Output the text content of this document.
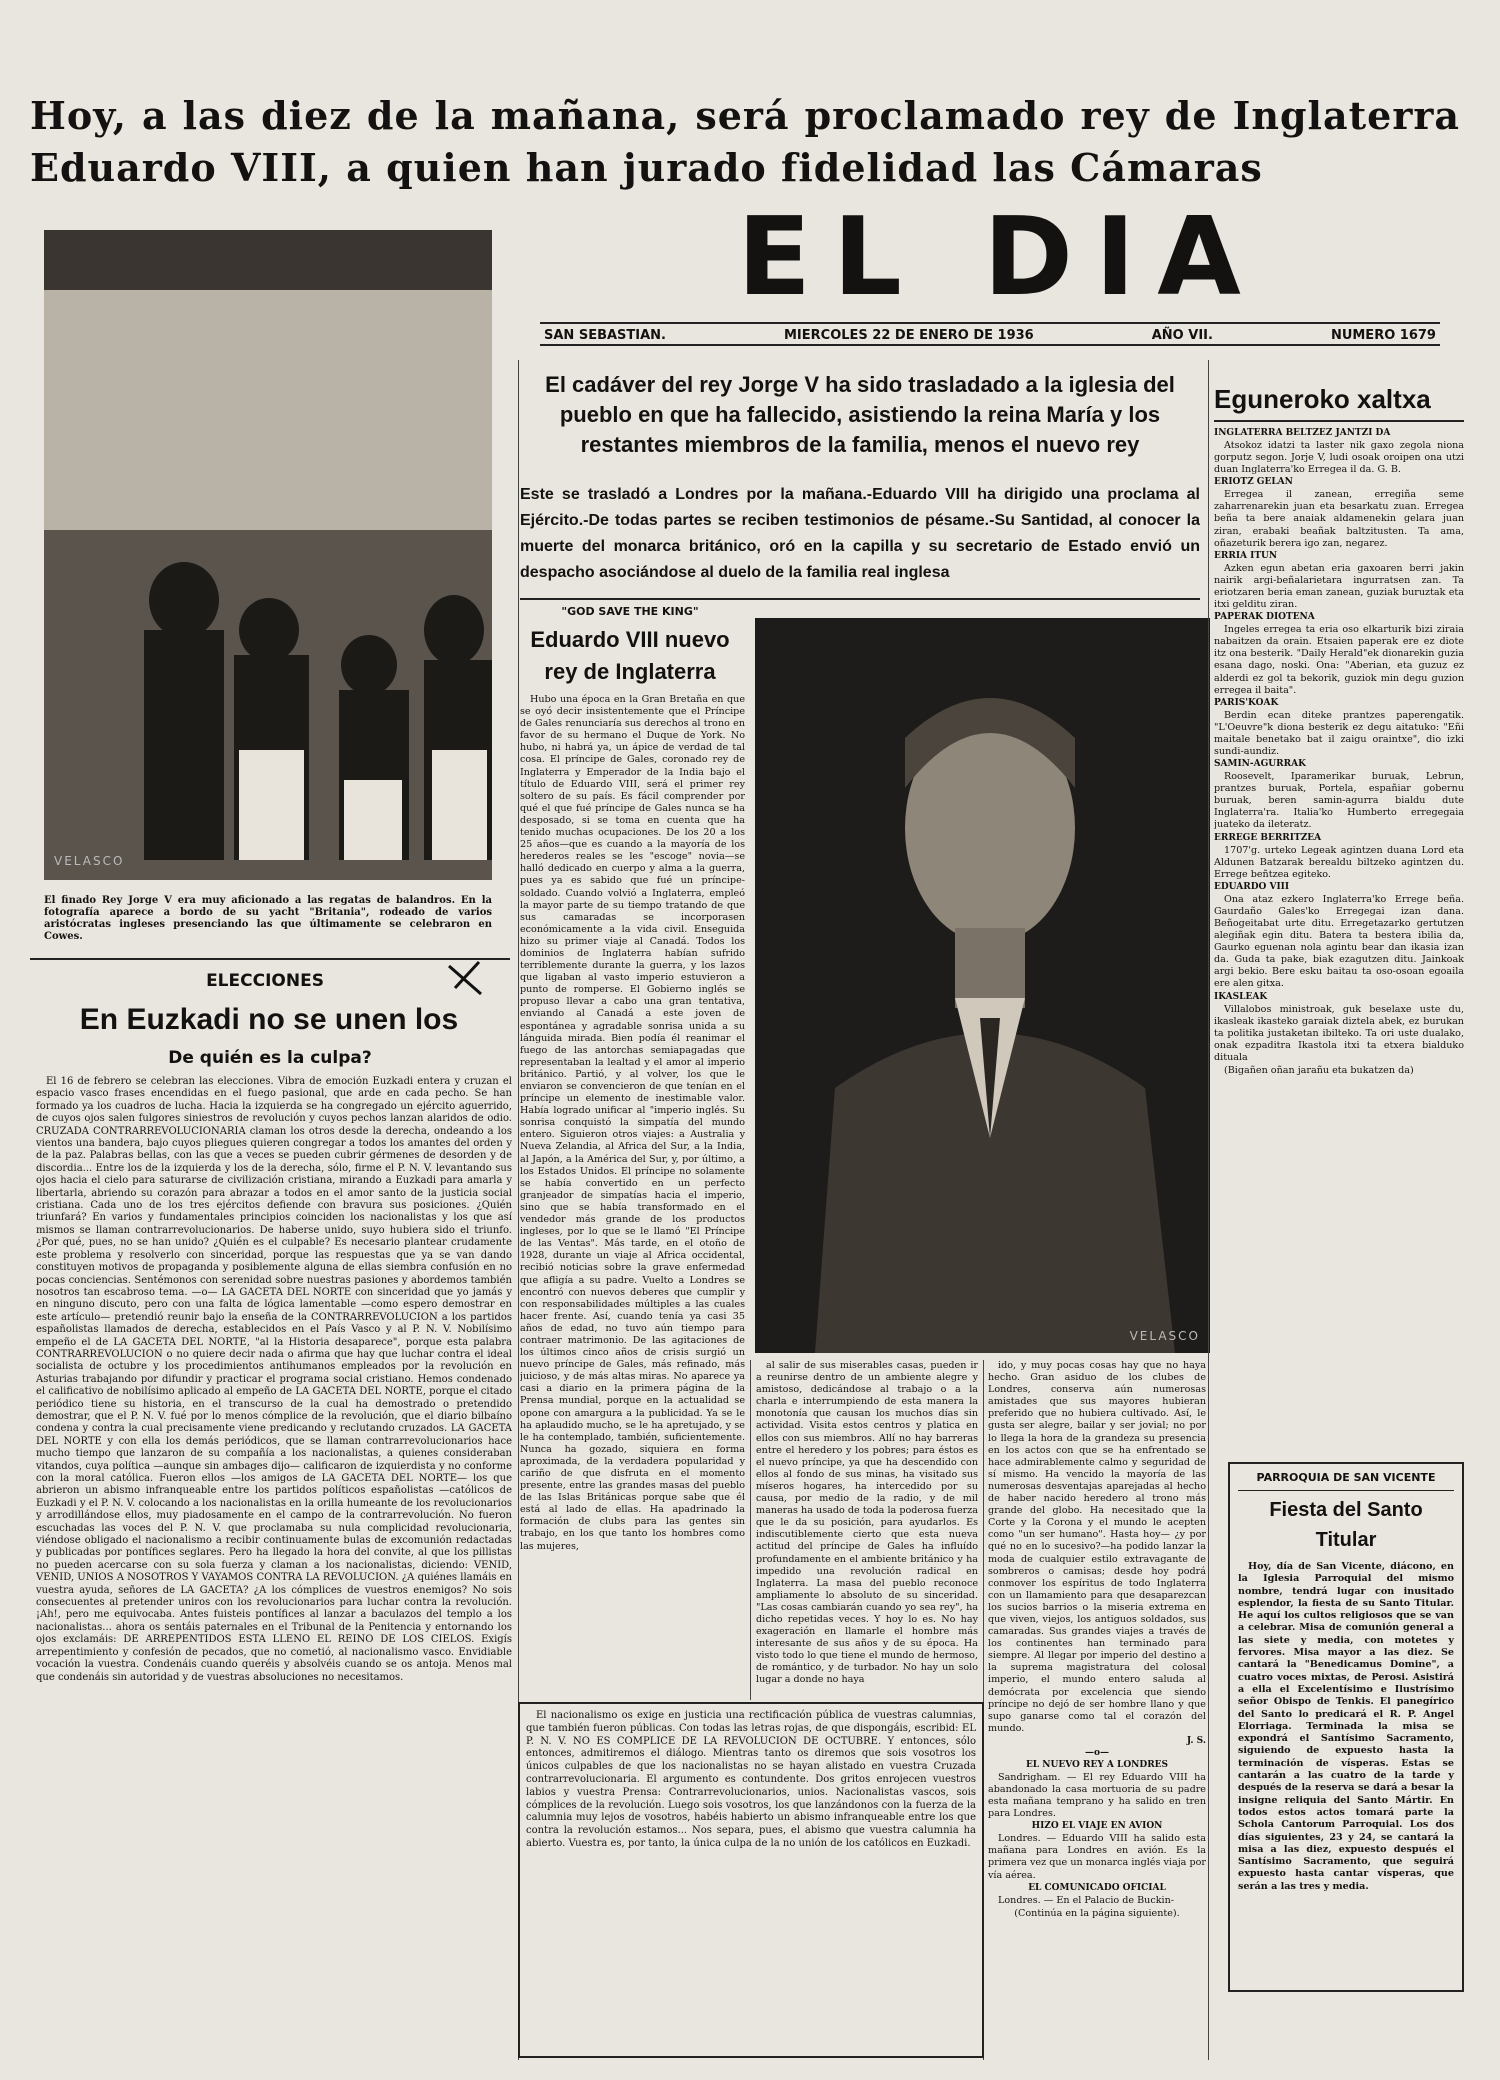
Hoy, a las diez de la mañana, será proclamado rey de Inglaterra Eduardo VIII, a quien han jurado fidelidad las Cámaras

EL DIA
SAN SEBASTIAN.	MIERCOLES 22 DE ENERO DE 1936	AÑO VII.	NUMERO 1679
VELASCO
El finado Rey Jorge V era muy aficionado a las regatas de balandros. En la fotografía aparece a bordo de su yacht "Britania", rodeado de varios aristócratas ingleses presenciando las que últimamente se celebraron en Cowes.
ELECCIONES
En Euzkadi no se unen los
De quién es la culpa?

El 16 de febrero se celebran las elecciones. Vibra de emoción Euzkadi entera y cruzan el espacio vasco frases encendidas en el fuego pasional, que arde en cada pecho. Se han formado ya los cuadros de lucha. Hacia la izquierda se ha congregado un ejército aguerrido, de cuyos ojos salen fulgores siniestros de revolución y cuyos pechos lanzan alaridos de odio. CRUZADA CONTRARREVOLUCIONARIA claman los otros desde la derecha, ondeando a los vientos una bandera, bajo cuyos pliegues quieren congregar a todos los amantes del orden y de la paz. Palabras bellas, con las que a veces se pueden cubrir gérmenes de desorden y de discordia... Entre los de la izquierda y los de la derecha, sólo, firme el P. N. V. levantando sus ojos hacia el cielo para saturarse de civilización cristiana, mirando a Euzkadi para amarla y libertarla, abriendo su corazón para abrazar a todos en el amor santo de la justicia social cristiana. Cada uno de los tres ejércitos defiende con bravura sus posiciones. ¿Quién triunfará? En varios y fundamentales principios coinciden los nacionalistas y los que así mismos se llaman contrarrevolucionarios. De haberse unido, suyo hubiera sido el triunfo. ¿Por qué, pues, no se han unido? ¿Quién es el culpable? Es necesario plantear crudamente este problema y resolverlo con sinceridad, porque las respuestas que ya se van dando constituyen motivos de propaganda y posiblemente alguna de ellas siembra confusión en no pocas conciencias. Sentémonos con serenidad sobre nuestras pasiones y abordemos también nosotros tan escabroso tema. —o— LA GACETA DEL NORTE con sinceridad que yo jamás y en ninguno discuto, pero con una falta de lógica lamentable —como espero demostrar en este artículo— pretendió reunir bajo la enseña de la CONTRARREVOLUCION a los partidos españolistas llamados de derecha, establecidos en el País Vasco y al P. N. V. Nobilísimo empeño el de LA GACETA DEL NORTE, "al la Historia desaparece", porque esta palabra CONTRARREVOLUCION o no quiere decir nada o afirma que hay que luchar contra el ideal socialista de octubre y los procedimientos antihumanos empleados por la revolución en Asturias trabajando por difundir y practicar el programa social cristiano. Hemos condenado el calificativo de nobilísimo aplicado al empeño de LA GACETA DEL NORTE, porque el citado periódico tiene su historia, en el transcurso de la cual ha demostrado o pretendido demostrar, que el P. N. V. fué por lo menos cómplice de la revolución, que el diario bilbaíno condena y contra la cual precisamente viene predicando y reclutando cruzados. LA GACETA DEL NORTE y con ella los demás periódicos, que se llaman contrarrevolucionarios hace mucho tiempo que lanzaron de su compañía a los nacionalistas, a quienes consideraban vitandos, cuya política —aunque sin ambages dijo— calificaron de izquierdista y no conforme con la moral católica. Fueron ellos —los amigos de LA GACETA DEL NORTE— los que abrieron un abismo infranqueable entre los partidos políticos españolistas —católicos de Euzkadi y el P. N. V. colocando a los nacionalistas en la orilla humeante de los revolucionarios y arrodillándose ellos, muy piadosamente en el campo de la contrarrevolución. No fueron escuchadas las voces del P. N. V. que proclamaba su nula complicidad revolucionaria, viéndose obligado el nacionalismo a recibir continuamente bulas de excomunión redactadas y publicadas por pontífices seglares. Pero ha llegado la hora del convite, al que los pillistas no pueden acercarse con su sola fuerza y claman a los nacionalistas, diciendo: VENID, VENID, UNIOS A NOSOTROS Y VAYAMOS CONTRA LA REVOLUCION. ¿A quiénes llamáis en vuestra ayuda, señores de LA GACETA? ¿A los cómplices de vuestros enemigos? No sois consecuentes al pretender uniros con los revolucionarios para luchar contra la revolución. ¡Ah!, pero me equivocaba. Antes fuisteis pontífices al lanzar a baculazos del templo a los nacionalistas... ahora os sentáis paternales en el Tribunal de la Penitencia y entornando los ojos exclamáis: DE ARREPENTIDOS ESTA LLENO EL REINO DE LOS CIELOS. Exigís arrepentimiento y confesión de pecados, que no cometió, al nacionalismo vasco. Envidiable vocación la vuestra. Condenáis cuando queréis y absolvéis cuando se os antoja. Menos mal que condenáis sin autoridad y de vuestras absoluciones no necesitamos.

El cadáver del rey Jorge V ha sido trasladado a la iglesia del pueblo en que ha fallecido, asistiendo la reina María y los restantes miembros de la familia, menos el nuevo rey
Este se trasladó a Londres por la mañana.-Eduardo VIII ha dirigido una proclama al Ejército.-De todas partes se reciben testimonios de pésame.-Su Santidad, al conocer la muerte del monarca británico, oró en la capilla y su secretario de Estado envió un despacho asociándose al duelo de la familia real inglesa
"GOD SAVE THE KING"
Eduardo VIII nuevo rey de Inglaterra
VELASCO

Hubo una época en la Gran Bretaña en que se oyó decir insistentemente que el Príncipe de Gales renunciaría sus derechos al trono en favor de su hermano el Duque de York. No hubo, ni habrá ya, un ápice de verdad de tal cosa. El príncipe de Gales, coronado rey de Inglaterra y Emperador de la India bajo el título de Eduardo VIII, será el primer rey soltero de su país. Es fácil comprender por qué el que fué príncipe de Gales nunca se ha desposado, si se toma en cuenta que ha tenido muchas ocupaciones. De los 20 a los 25 años—que es cuando a la mayoría de los herederos reales se les "escoge" novia—se halló dedicado en cuerpo y alma a la guerra, pues ya es sabido que fué un príncipe-soldado. Cuando volvió a Inglaterra, empleó la mayor parte de su tiempo tratando de que sus camaradas se incorporasen económicamente a la vida civil. Enseguida hizo su primer viaje al Canadá. Todos los dominios de Inglaterra habían sufrido terriblemente durante la guerra, y los lazos que ligaban al vasto imperio estuvieron a punto de romperse. El Gobierno inglés se propuso llevar a cabo una gran tentativa, enviando al Canadá a este joven de espontánea y agradable sonrisa unida a su lánguida mirada. Bien podía él reanimar el fuego de las antorchas semiapagadas que representaban la lealtad y el amor al imperio británico. Partió, y al volver, los que le enviaron se convencieron de que tenían en el príncipe un elemento de inestimable valor. Había logrado unificar al "imperio inglés. Su sonrisa conquistó la simpatía del mundo entero. Siguieron otros viajes: a Australia y Nueva Zelandia, al Africa del Sur, a la India, al Japón, a la América del Sur, y, por último, a los Estados Unidos. El príncipe no solamente se había convertido en un perfecto granjeador de simpatías hacia el imperio, sino que se había transformado en el vendedor más grande de los productos ingleses, por lo que se le llamó "El Príncipe de las Ventas". Más tarde, en el otoño de 1928, durante un viaje al Africa occidental, recibió noticias sobre la grave enfermedad que afligía a su padre. Vuelto a Londres se encontró con nuevos deberes que cumplir y con responsabilidades múltiples a las cuales hacer frente. Así, cuando tenía ya casi 35 años de edad, no tuvo aún tiempo para contraer matrimonio. De las agitaciones de los últimos cinco años de crisis surgió un nuevo príncipe de Gales, más refinado, más juicioso, y de más altas miras. No aparece ya casi a diario en la primera página de la Prensa mundial, porque en la actualidad se opone con amargura a la publicidad. Ya se le ha aplaudido mucho, se le ha apretujado, y se le ha contemplado, también, suficientemente. Nunca ha gozado, siquiera en forma aproximada, de la verdadera popularidad y cariño de que disfruta en el momento presente, entre las grandes masas del pueblo de las Islas Británicas porque sabe que él está al lado de ellas. Ha apadrinado la formación de clubs para las gentes sin trabajo, en los que tanto los hombres como las mujeres,

al salir de sus miserables casas, pueden ir a reunirse dentro de un ambiente alegre y amistoso, dedicándose al trabajo o a la charla e interrumpiendo de esta manera la monotonía que causan los muchos días sin actividad. Visita estos centros y platica en ellos con sus miembros. Allí no hay barreras entre el heredero y los pobres; para éstos es el nuevo príncipe, ya que ha descendido con ellos al fondo de sus minas, ha visitado sus míseros hogares, ha intercedido por su causa, por medio de la radio, y de mil maneras ha usado de toda la poderosa fuerza que le da su posición, para ayudarlos. Es indiscutiblemente cierto que esta nueva actitud del príncipe de Gales ha influído profundamente en el ambiente británico y ha impedido una revolución radical en Inglaterra. La masa del pueblo reconoce ampliamente lo absoluto de su sinceridad. "Las cosas cambiarán cuando yo sea rey", ha dicho repetidas veces. Y hoy lo es. No hay exageración en llamarle el hombre más interesante de sus años y de su época. Ha visto todo lo que tiene el mundo de hermoso, de romántico, y de turbador. No hay un solo lugar a donde no haya

ido, y muy pocas cosas hay que no haya hecho. Gran asiduo de los clubes de Londres, conserva aún numerosas amistades que sus mayores hubieran preferido que no hubiera cultivado. Así, le gusta ser alegre, bailar y ser jovial; no por lo llega la hora de la grandeza su presencia en los actos con que se ha enfrentado se hace admirablemente calmo y seguridad de sí mismo. Ha vencido la mayoría de las numerosas desventajas aparejadas al hecho de haber nacido heredero al trono más grande del globo. Ha necesitado que la Corte y la Corona y el mundo le acepten como "un ser humano". Hasta hoy— ¿y por qué no en lo sucesivo?—ha podido lanzar la moda de cualquier estilo extravagante de sombreros o camisas; desde hoy podrá conmover los espíritus de todo Inglaterra con un llamamiento para que desaparezcan los sucios barrios o la miseria extrema en que viven, viejos, los antiguos soldados, sus camaradas. Sus grandes viajes a través de los continentes han terminado para siempre. Al llegar por imperio del destino a la suprema magistratura del colosal imperio, el mundo entero saluda al demócrata por excelencia que siendo príncipe no dejó de ser hombre llano y que supo ganarse como tal el corazón del mundo.

J. S.

—o—

EL NUEVO REY A LONDRES

Sandrigham. — El rey Eduardo VIII ha abandonado la casa mortuoria de su padre esta mañana temprano y ha salido en tren para Londres.

HIZO EL VIAJE EN AVION

Londres. — Eduardo VIII ha salido esta mañana para Londres en avión. Es la primera vez que un monarca inglés viaja por vía aérea.

EL COMUNICADO OFICIAL

Londres. — En el Palacio de Buckin-

(Continúa en la página siguiente).

El nacionalismo os exige en justicia una rectificación pública de vuestras calumnias, que también fueron públicas. Con todas las letras rojas, de que dispongáis, escribid: EL P. N. V. NO ES COMPLICE DE LA REVOLUCION DE OCTUBRE. Y entonces, sólo entonces, admitiremos el diálogo. Mientras tanto os diremos que sois vosotros los únicos culpables de que los nacionalistas no se hayan alistado en vuestra Cruzada contrarrevolucionaria. El argumento es contundente. Dos gritos enrojecen vuestros labios y vuestra Prensa: Contrarrevolucionarios, unios. Nacionalistas vascos, sois cómplices de la revolución. Luego sois vosotros, los que lanzándonos con la fuerza de la calumnia muy lejos de vosotros, habéis habierto un abismo infranqueable entre los que contra la revolución estamos... Nos separa, pues, el abismo que vuestra calumnia ha abierto. Vuestra es, por tanto, la única culpa de la no unión de los católicos en Euzkadi.

Eguneroko xaltxa
INGLATERRA BELTZEZ JANTZI DA

Atsokoz idatzi ta laster nik gaxo zegola niona gorputz segon. Jorje V, ludi osoak oroipen ona utzi duan Inglaterra'ko Erregea il da. G. B.

ERIOTZ GELAN

Erregea il zanean, erregiña seme zaharrenarekin juan eta besarkatu zuan. Erregea beña ta bere anaiak aldamenekin gelara juan ziran, erabaki beañak baltzitusten. Ta ama, oñazeturik berera igo zan, negarez.

ERRIA ITUN

Azken egun abetan eria gaxoaren berri jakin nairik argi-beñalarietara ingurratsen zan. Ta eriotzaren beria eman zanean, guziak buruztak eta itxi gelditu ziran.

PAPERAK DIOTENA

Ingeles erregea ta eria oso elkarturik bizi ziraia nabaitzen da orain. Etsaien paperak ere ez diote itz ona besterik. "Daily Herald"ek dionarekin guzia esana dago, noski. Ona: "Aberian, eta guzuz ez alderdi ez gol ta bekorik, guziok min degu guzion erregea il baita".

PARIS'KOAK

Berdin ecan diteke prantzes paperengatik. "L'Oeuvre"k diona besterik ez degu aitatuko: "Eñi maitale benetako bat il zaigu oraintxe", dio izki sundi-aundiz.

SAMIN-AGURRAK

Roosevelt, Iparamerikar buruak, Lebrun, prantzes buruak, Portela, españiar gobernu buruak, beren samin-agurra bialdu dute Inglaterra'ra. Italia'ko Humberto erregegaia juateko da ileteratz.

ERREGE BERRITZEA

1707'g. urteko Legeak agintzen duana Lord eta Aldunen Batzarak berealdu biltzeko agintzen du. Errege beñtzea egiteko.

EDUARDO VIII

Ona ataz ezkero Inglaterra'ko Errege beña. Gaurdaño Gales'ko Erregegai izan dana. Beñogeitabat urte ditu. Erregetazarko gertutzen alegiñak egin ditu. Batera ta bestera ibilia da, Gaurko eguenan nola agintu bear dan ikasia izan da. Guda ta pake, biak ezagutzen ditu. Jainkoak argi bekio. Bere esku baitau ta oso-osoan egoaila ere alen gitxa.

IKASLEAK

Villalobos ministroak, guk beselaxe uste du, ikasleak ikasteko garaiak diztela abek, ez burukan ta politika justaketan ibilteko. Ta ori uste dualako, onak ezpaditra Ikastola itxi ta etxera bialduko dituala

(Bigañen oñan jarañu eta bukatzen da)

PARROQUIA DE SAN VICENTE
Fiesta del Santo Titular

Hoy, día de San Vicente, diácono, en la Iglesia Parroquial del mismo nombre, tendrá lugar con inusitado esplendor, la fiesta de su Santo Titular. He aquí los cultos religiosos que se van a celebrar. Misa de comunión general a las siete y media, con motetes y fervores. Misa mayor a las diez. Se cantará la "Benedicamus Domine", a cuatro voces mixtas, de Perosi. Asistirá a ella el Excelentísimo e Ilustrísimo señor Obispo de Tenkis. El panegírico del Santo lo predicará el R. P. Angel Elorriaga. Terminada la misa se expondrá el Santísimo Sacramento, siguiendo de expuesto hasta la terminación de vísperas. Estas se cantarán a las cuatro de la tarde y después de la reserva se dará a besar la insigne reliquia del Santo Mártir. En todos estos actos tomará parte la Schola Cantorum Parroquial. Los dos días siguientes, 23 y 24, se cantará la misa a las diez, expuesto después el Santísimo Sacramento, que seguirá expuesto hasta cantar vísperas, que serán a las tres y media.
